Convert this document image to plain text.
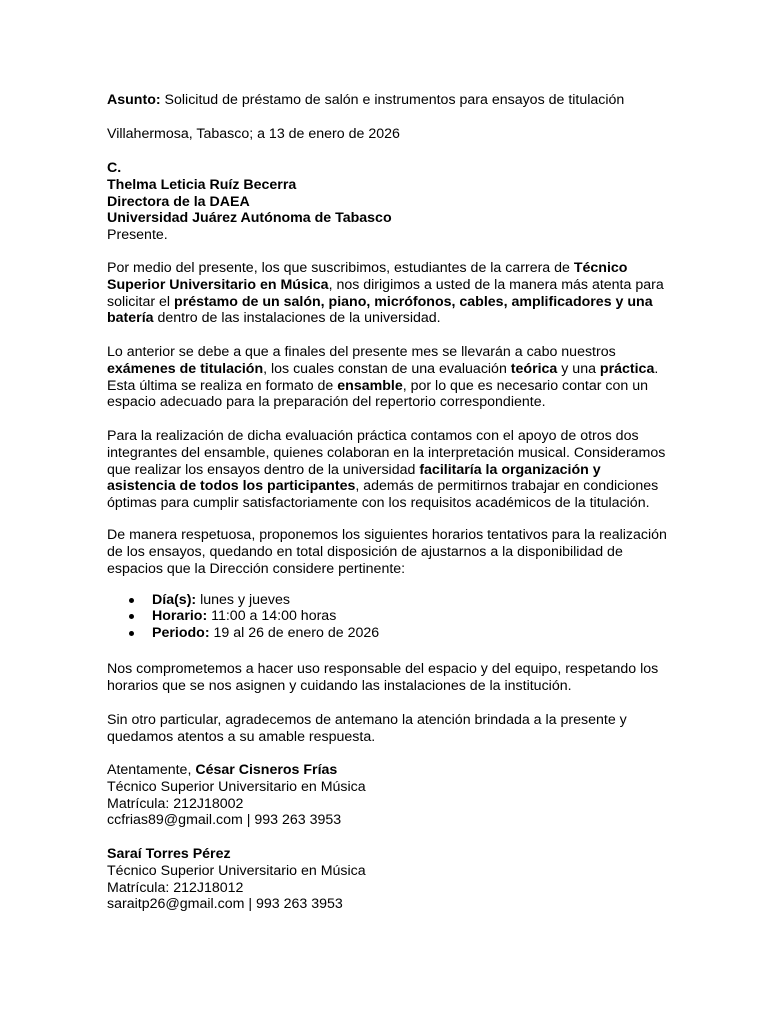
Asunto: Solicitud de préstamo de salón e instrumentos para ensayos de titulación
Villahermosa, Tabasco; a 13 de enero de 2026

C.

Thelma Leticia Ruíz Becerra

Directora de la DAEA

Universidad Juárez Autónoma de Tabasco

Presente.

Por medio del presente, los que suscribimos, estudiantes de la carrera de Técnico Superior Universitario en Música, nos dirigimos a usted de la manera más atenta para solicitar el préstamo de un salón, piano, micrófonos, cables, amplificadores y una batería dentro de las instalaciones de la universidad.
Lo anterior se debe a que a finales del presente mes se llevarán a cabo nuestros exámenes de titulación, los cuales constan de una evaluación teórica y una práctica. Esta última se realiza en formato de ensamble, por lo que es necesario contar con un espacio adecuado para la preparación del repertorio correspondiente.
Para la realización de dicha evaluación práctica contamos con el apoyo de otros dos integrantes del ensamble, quienes colaboran en la interpretación musical. Consideramos que realizar los ensayos dentro de la universidad facilitaría la organización y asistencia de todos los participantes, además de permitirnos trabajar en condiciones óptimas para cumplir satisfactoriamente con los requisitos académicos de la titulación.
De manera respetuosa, proponemos los siguientes horarios tentativos para la realización de los ensayos, quedando en total disposición de ajustarnos a la disponibilidad de espacios que la Dirección considere pertinente:
Día(s): lunes y jueves
Horario: 11:00 a 14:00 horas
Periodo: 19 al 26 de enero de 2026
Nos comprometemos a hacer uso responsable del espacio y del equipo, respetando los horarios que se nos asignen y cuidando las instalaciones de la institución.
Sin otro particular, agradecemos de antemano la atención brindada a la presente y quedamos atentos a su amable respuesta.

Atentamente, César Cisneros Frías

Técnico Superior Universitario en Música

Matrícula: 212J18002

ccfrias89@gmail.com | 993 263 3953

Saraí Torres Pérez

Técnico Superior Universitario en Música

Matrícula: 212J18012

saraitp26@gmail.com | 993 263 3953
